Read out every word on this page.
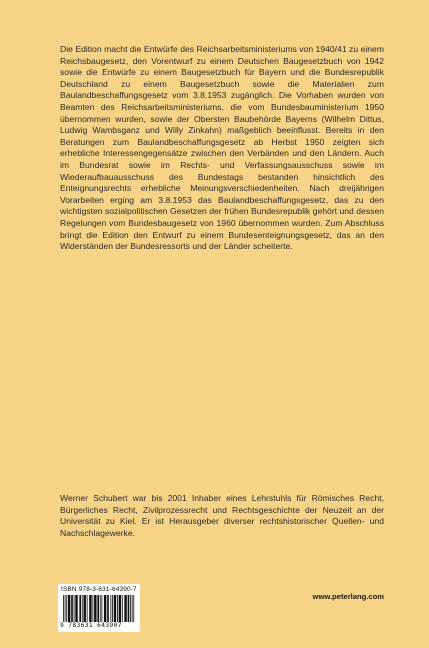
Die Edition macht die Entwürfe des Reichsarbeitsministeriums von 1940/41 zu einem Reichsbaugesetz, den Vorentwurf zu einem Deutschen Baugesetzbuch von 1942 sowie die Entwürfe zu einem Baugesetzbuch für Bayern und die Bundesrepublik Deutschland zu einem Baugesetzbuch sowie die Materialien zum Baulandbeschaffungsgesetz vom 3.8.1953 zugänglich. Die Vorhaben wurden von Beamten des Reichsarbeitsministeriums, die vom Bundesbauministerium 1950 übernommen wurden, sowie der Obersten Baubehörde Bayerns (Wilhelm Dittus, Ludwig Wambsganz und Willy Zinkahn) maßgeblich beeinflusst. Bereits in den Beratungen zum Baulandbeschaffungsgesetz ab Herbst 1950 zeigten sich erhebliche Interessengegensätze zwischen den Verbänden und den Ländern. Auch im Bundesrat sowie im Rechts- und Verfassungsausschuss sowie im Wiederaufbauausschuss des Bundestags bestanden hinsichtlich des Enteignungsrechts erhebliche Meinungsverschiedenheiten. Nach dreijährigen Vorarbeiten erging am 3.8.1953 das Baulandbeschaffungsgesetz, das zu den wichtigsten sozialpolitischen Gesetzen der frühen Bundesrepublik gehört und dessen Regelungen vom Bundesbaugesetz von 1960 übernommen wurden. Zum Abschluss bringt die Edition den Entwurf zu einem Bundesenteignungsgesetz, das an den Widerständen der Bundesressorts und der Länder scheiterte.

Werner Schubert war bis 2001 Inhaber eines Lehrstuhls für Römisches Recht, Bürgerliches Recht, Zivilprozessrecht und Rechtsgeschichte der Neuzeit an der Universität zu Kiel. Er ist Herausgeber diverser rechtshistorischer Quellen- und Nachschlagewerke.

ISBN 978-3-631-64390-7
9 783631 643907
www.peterlang.com
